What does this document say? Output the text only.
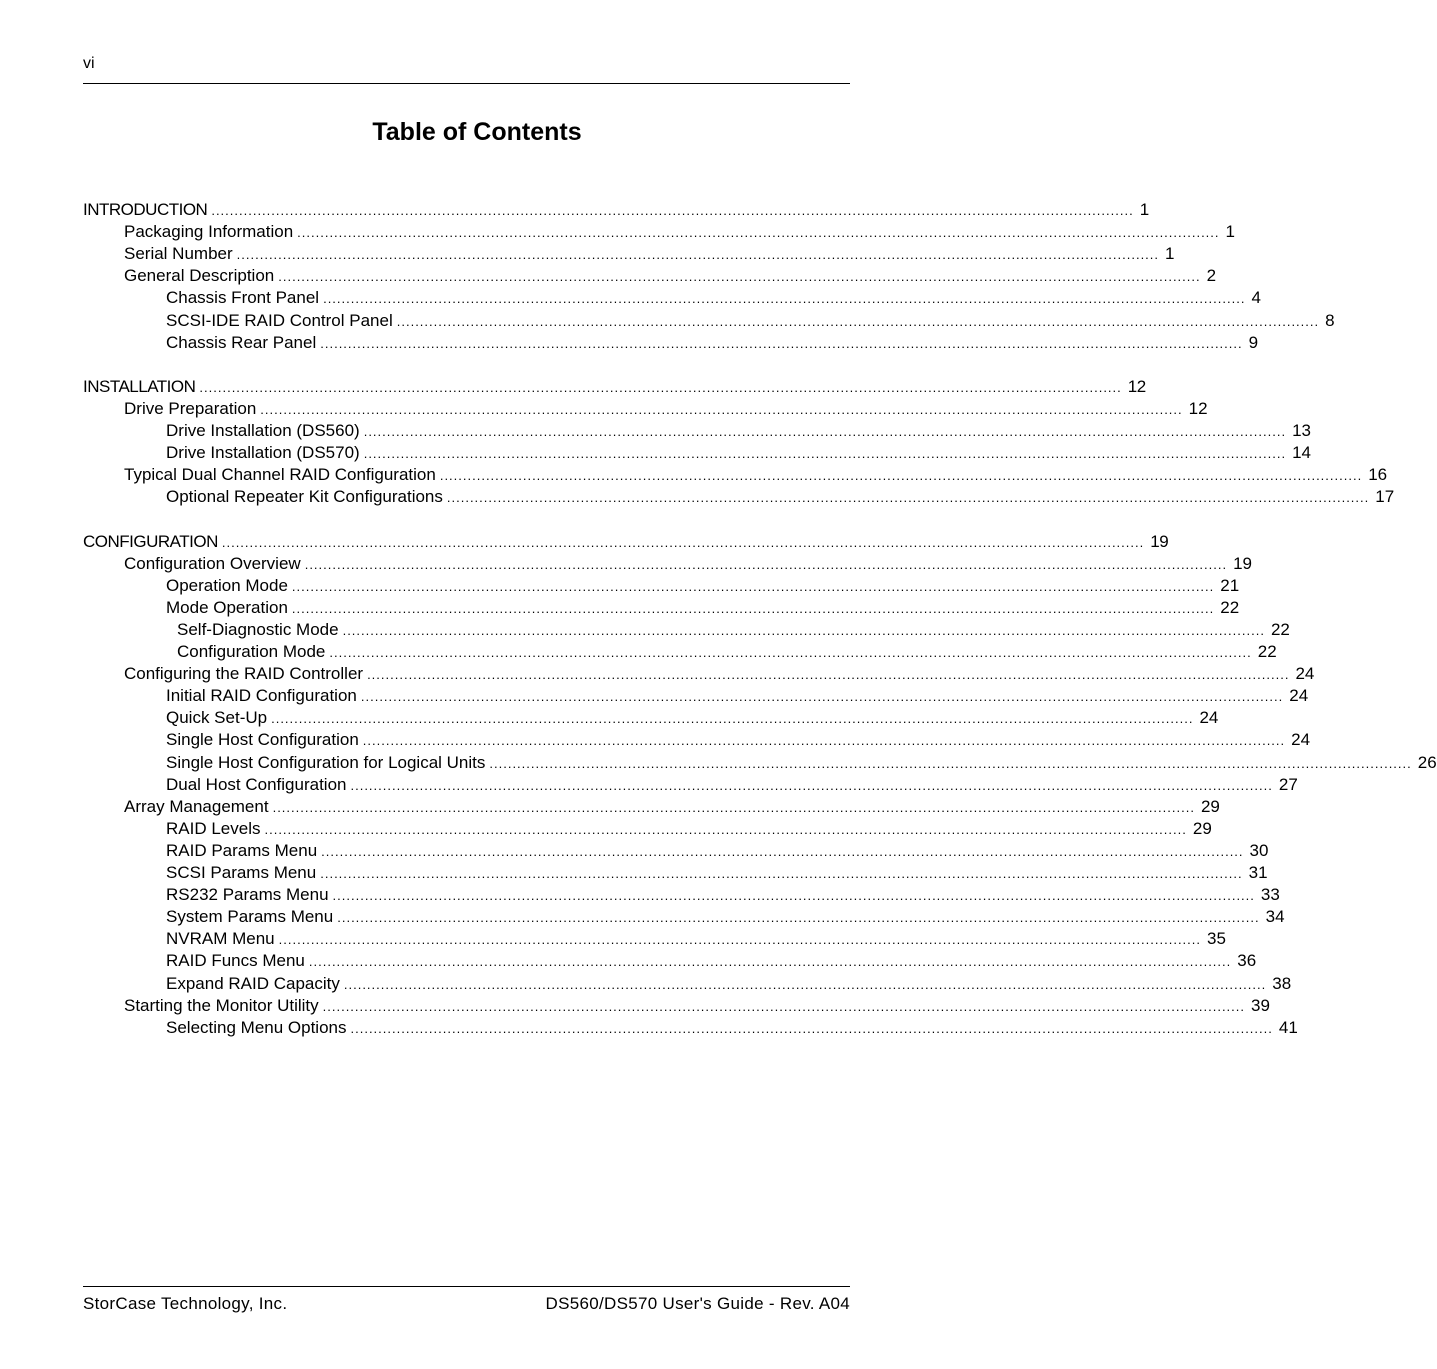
vi
Table of Contents
INTRODUCTION ........................................................................................................................................................................................................ 1
Packaging Information ........................................................................................................................................................................................................ 1
Serial Number ........................................................................................................................................................................................................ 1
General Description ........................................................................................................................................................................................................ 2
Chassis Front Panel ........................................................................................................................................................................................................ 4
SCSI-IDE RAID Control Panel ........................................................................................................................................................................................................ 8
Chassis Rear Panel ........................................................................................................................................................................................................ 9
INSTALLATION ........................................................................................................................................................................................................ 12
Drive Preparation ........................................................................................................................................................................................................ 12
Drive Installation (DS560) ........................................................................................................................................................................................................ 13
Drive Installation (DS570) ........................................................................................................................................................................................................ 14
Typical Dual Channel RAID Configuration ........................................................................................................................................................................................................ 16
Optional Repeater Kit Configurations ........................................................................................................................................................................................................ 17
CONFIGURATION ........................................................................................................................................................................................................ 19
Configuration Overview ........................................................................................................................................................................................................ 19
Operation Mode ........................................................................................................................................................................................................ 21
Mode Operation ........................................................................................................................................................................................................ 22
Self-Diagnostic Mode ........................................................................................................................................................................................................ 22
Configuration Mode ........................................................................................................................................................................................................ 22
Configuring the RAID Controller ........................................................................................................................................................................................................ 24
Initial RAID Configuration ........................................................................................................................................................................................................ 24
Quick Set-Up ........................................................................................................................................................................................................ 24
Single Host Configuration ........................................................................................................................................................................................................ 24
Single Host Configuration for Logical Units ........................................................................................................................................................................................................ 26
Dual Host Configuration ........................................................................................................................................................................................................ 27
Array Management ........................................................................................................................................................................................................ 29
RAID Levels ........................................................................................................................................................................................................ 29
RAID Params Menu ........................................................................................................................................................................................................ 30
SCSI Params Menu ........................................................................................................................................................................................................ 31
RS232 Params Menu ........................................................................................................................................................................................................ 33
System Params Menu ........................................................................................................................................................................................................ 34
NVRAM Menu ........................................................................................................................................................................................................ 35
RAID Funcs Menu ........................................................................................................................................................................................................ 36
Expand RAID Capacity ........................................................................................................................................................................................................ 38
Starting the Monitor Utility ........................................................................................................................................................................................................ 39
Selecting Menu Options ........................................................................................................................................................................................................ 41
StorCase Technology, Inc.	DS560/DS570 User's Guide - Rev. A04
